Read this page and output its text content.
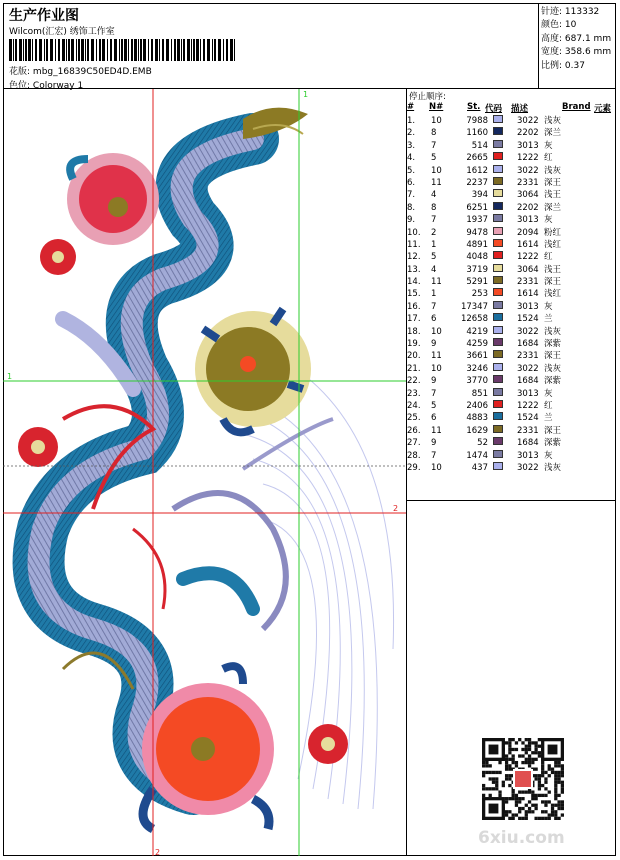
生产作业图
Wilcom(汇宏) 绣饰工作室
花版: mbg_16839C50ED4D.EMB
色位: Colorway 1
针迹: 113332
颜色: 10
高度: 687.1 mm
宽度: 358.6 mm
比例: 0.37
1
1
2
2
停止顺序:
# N#	St. 代码 描述	Brand 元素
1. 10	7988	3022 浅灰
2. 8	1160	2202 深兰
3. 7	514	3013 灰
4. 5	2665	1222 红
5. 10	1612	3022 浅灰
6. 11	2237	2331 深王
7. 4	394	3064 浅王
8. 8	6251	2202 深兰
9. 7	1937	3013 灰
10. 2	9478	2094 粉红
11. 1	4891	1614 浅红
12. 5	4048	1222 红
13. 4	3719	3064 浅王
14. 11	5291	2331 深王
15. 1	253	1614 浅红
16. 7	17347	3013 灰
17. 6	12658	1524 兰
18. 10	4219	3022 浅灰
19. 9	4259	1684 深紫
20. 11	3661	2331 深王
21. 10	3246	3022 浅灰
22. 9	3770	1684 深紫
23. 7	851	3013 灰
24. 5	2406	1222 红
25. 6	4883	1524 兰
26. 11	1629	2331 深王
27. 9	52	1684 深紫
28. 7	1474	3013 灰
29. 10	437	3022 浅灰
6xiu.com
